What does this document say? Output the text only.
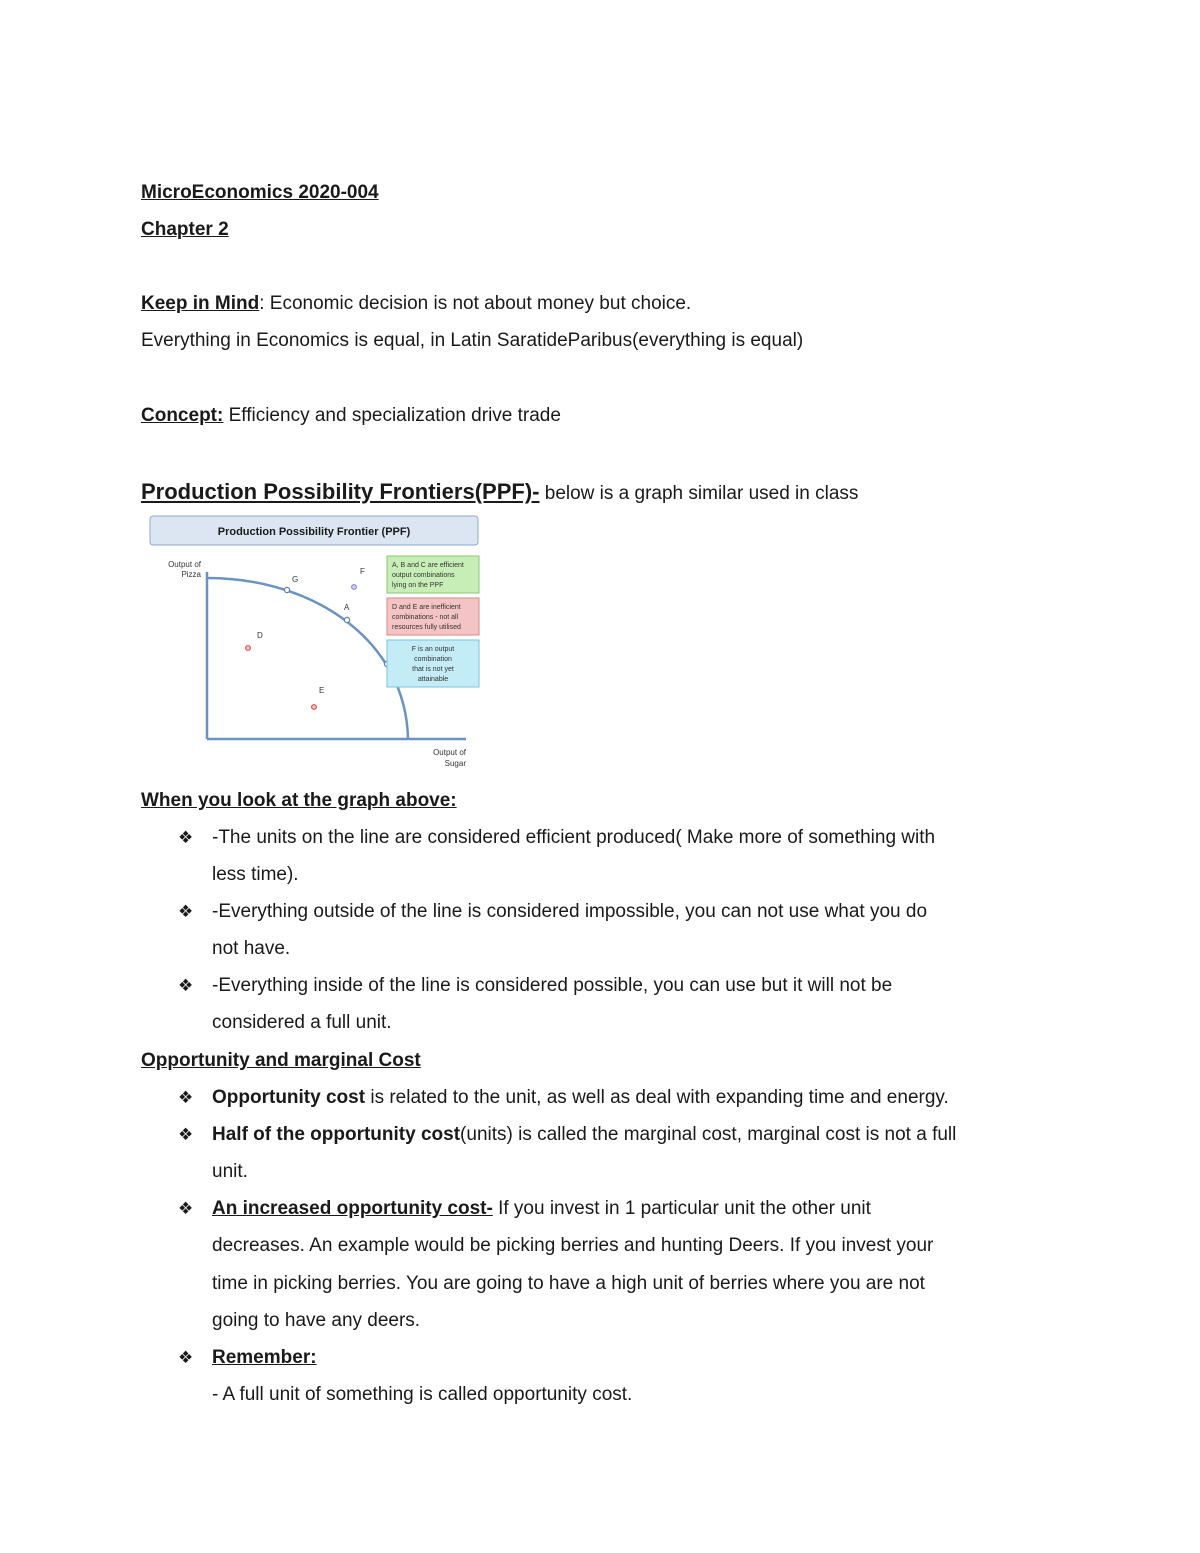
MicroEconomics 2020-004
Chapter 2
Keep in Mind: Economic decision is not about money but choice.
Everything in Economics is equal, in Latin SaratideParibus(everything is equal)
Concept: Efficiency and specialization drive trade
Production Possibility Frontiers(PPF)- below is a graph similar used in class
Production Possibility Frontier (PPF)
Output of
Pizza
Output of
Sugar
G
A
F
D
E
A, B and C are efficient
output combinations
lying on the PPF
D and E are inefficient
combinations - not all
resources fully utilised
F is an output
combination
that is not yet
attainable
When you look at the graph above:
❖ -The units on the line are considered efficient produced( Make more of something with
less time).
❖ -Everything outside of the line is considered impossible, you can not use what you do
not have.
❖ -Everything inside of the line is considered possible, you can use but it will not be
considered a full unit.
Opportunity and marginal Cost
❖ Opportunity cost is related to the unit, as well as deal with expanding time and energy.
❖ Half of the opportunity cost(units) is called the marginal cost, marginal cost is not a full
unit.
❖ An increased opportunity cost- If you invest in 1 particular unit the other unit
decreases. An example would be picking berries and hunting Deers. If you invest your
time in picking berries. You are going to have a high unit of berries where you are not
going to have any deers.
❖ Remember:
- A full unit of something is called opportunity cost.
